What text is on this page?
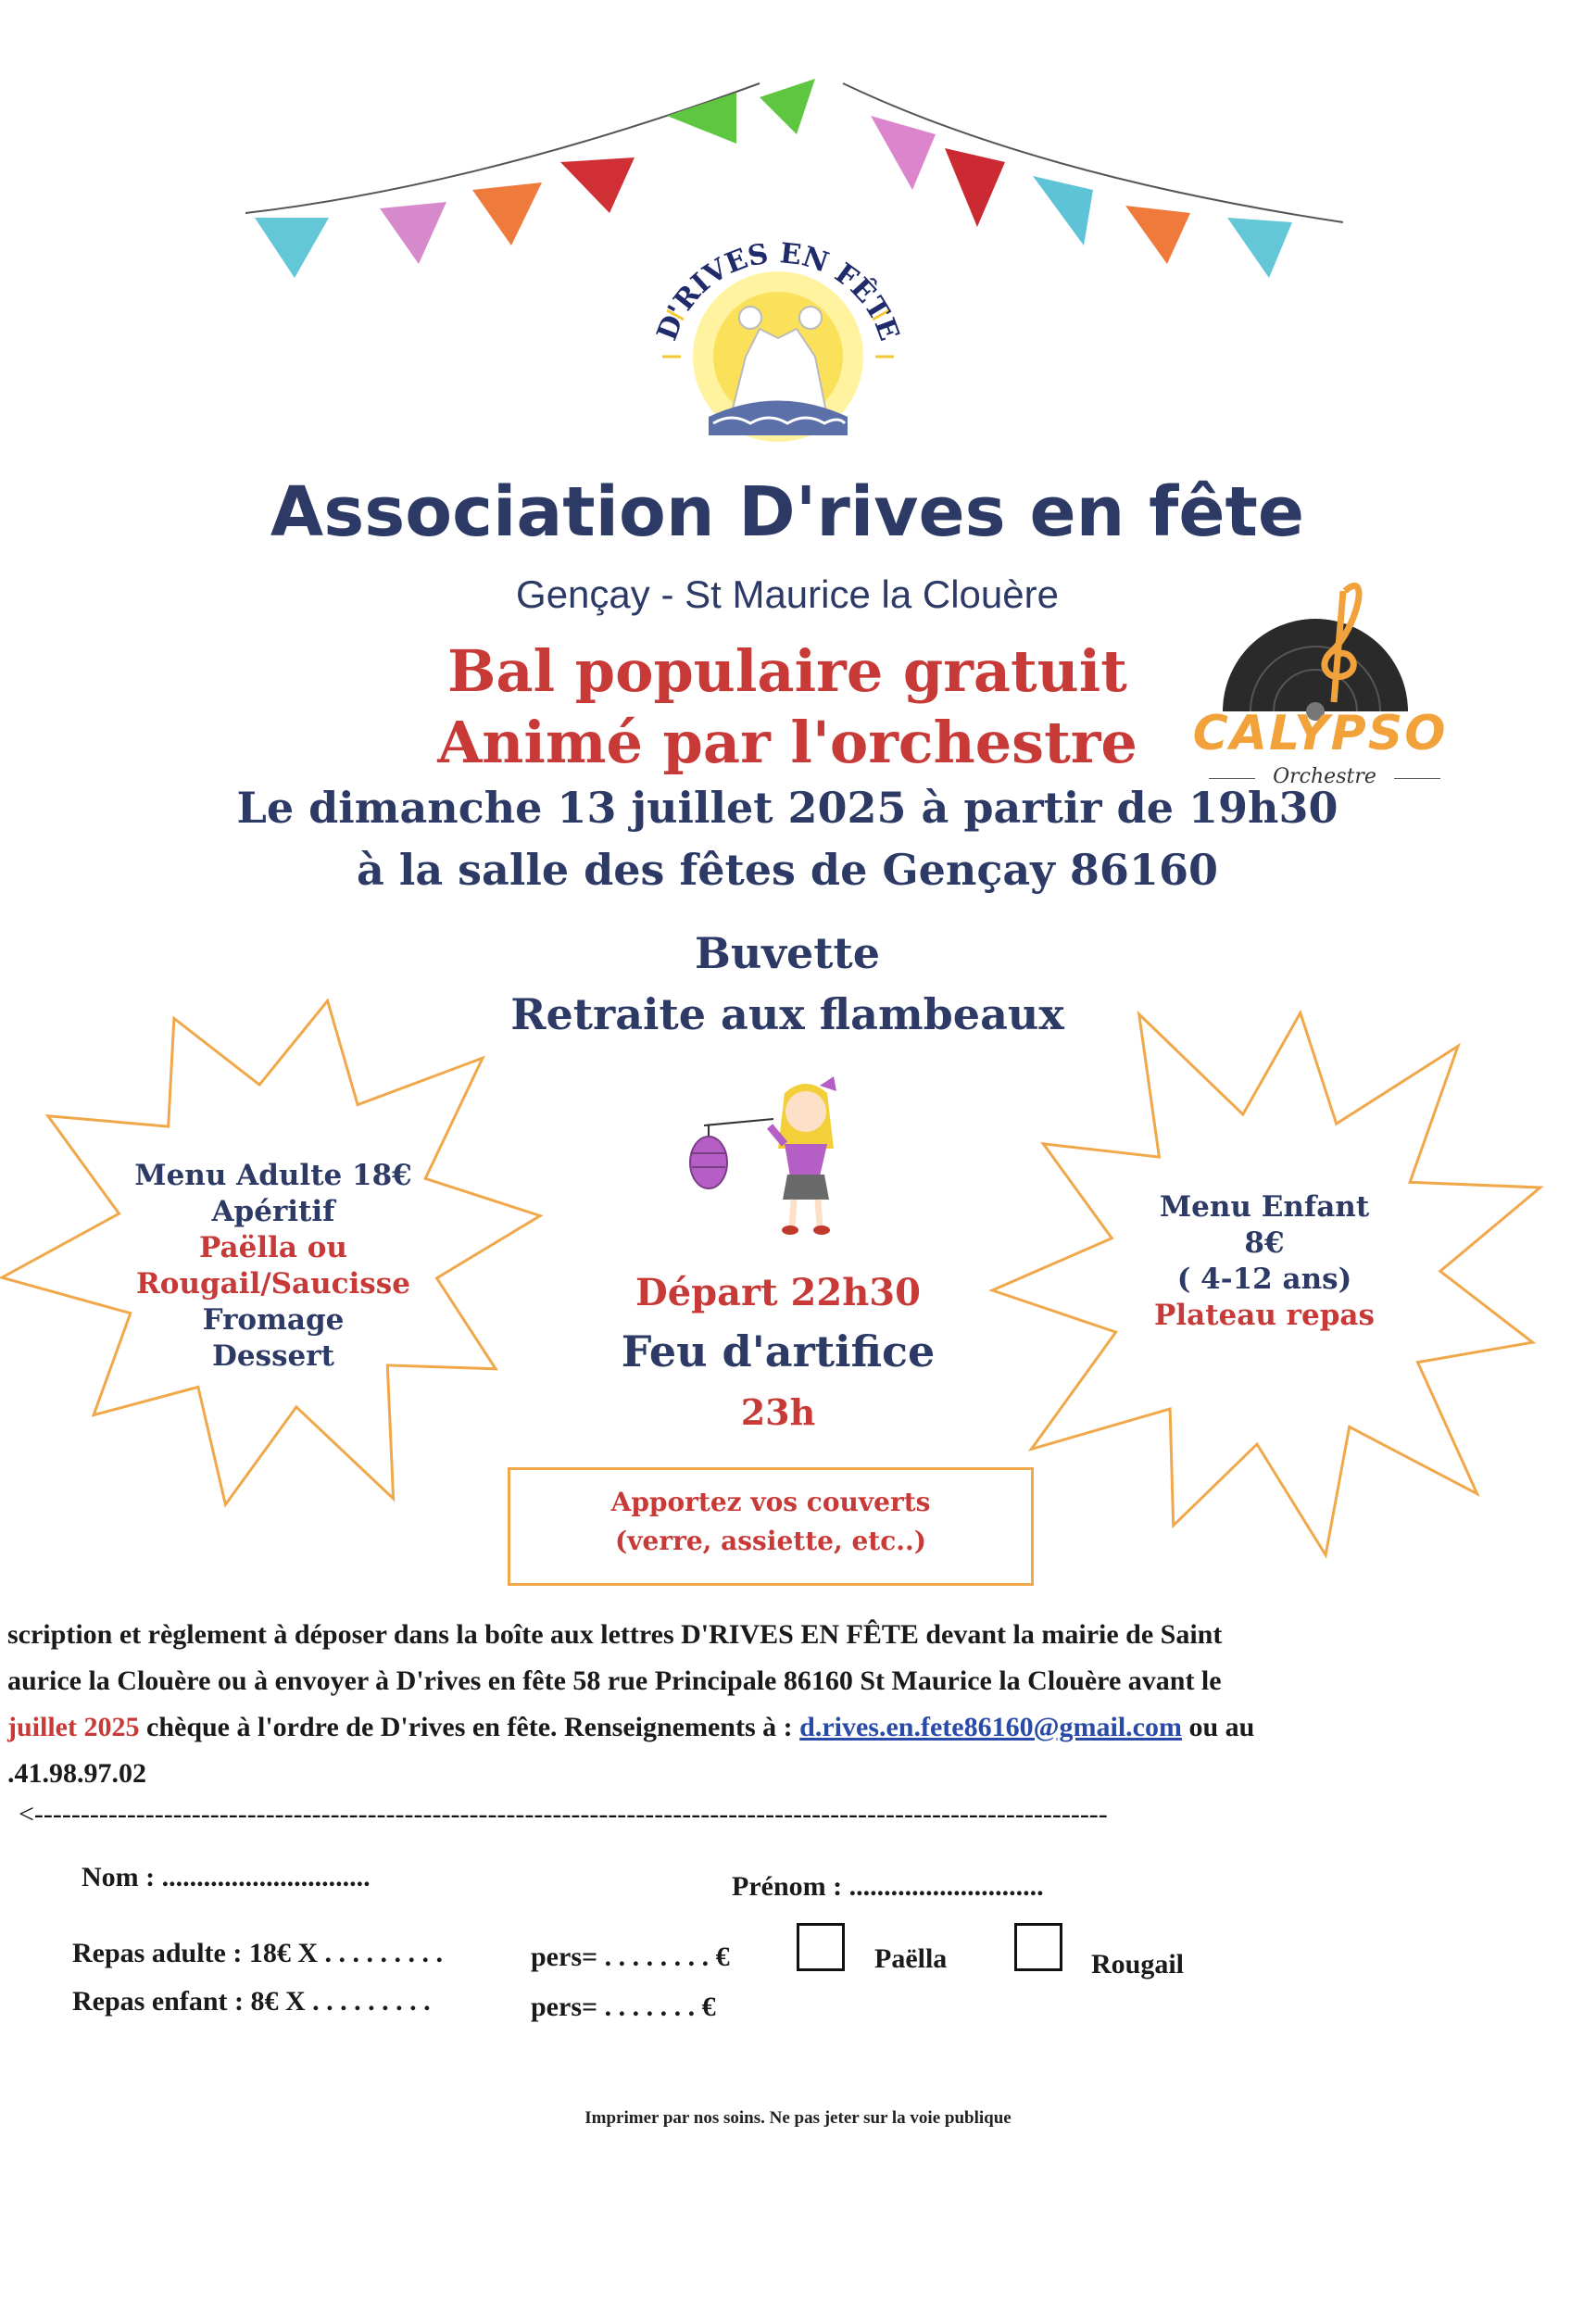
D'RIVES EN FÊTE
Association D'rives en fête
Gençay - St Maurice la Clouère
Bal populaire gratuit
Animé par l'orchestre
Le dimanche 13 juillet 2025 à partir de 19h30
à la salle des fêtes de Gençay 86160
Buvette
Retraite aux flambeaux
CALYPSO
Orchestre
Menu Adulte 18€
Apéritif
Paëlla ou
Rougail/Saucisse
Fromage
Dessert
Menu Enfant
8€
( 4-12 ans)
Plateau repas
Départ 22h30
Feu d'artifice
23h
Apportez vos couverts
(verre, assiette, etc..)
scription et règlement à déposer dans la boîte aux lettres D'RIVES EN FÊTE devant la mairie de Saint
aurice la Clouère ou à envoyer à D'rives en fête 58 rue Principale 86160 St Maurice la Clouère avant le
juillet 2025 chèque à l'ordre de D'rives en fête. Renseignements à : d.rives.en.fete86160@gmail.com ou au
.41.98.97.02
<--------------------------------------------------------------------------------------------------------------------
Nom : ..............................	Prénom : ............................
Repas adulte : 18€ X . . . . . . . . .	pers= . . . . . . . . €	Paëlla	Rougail
Repas enfant : 8€ X . . . . . . . . .	pers= . . . . . . . €
Imprimer par nos soins. Ne pas jeter sur la voie publique
